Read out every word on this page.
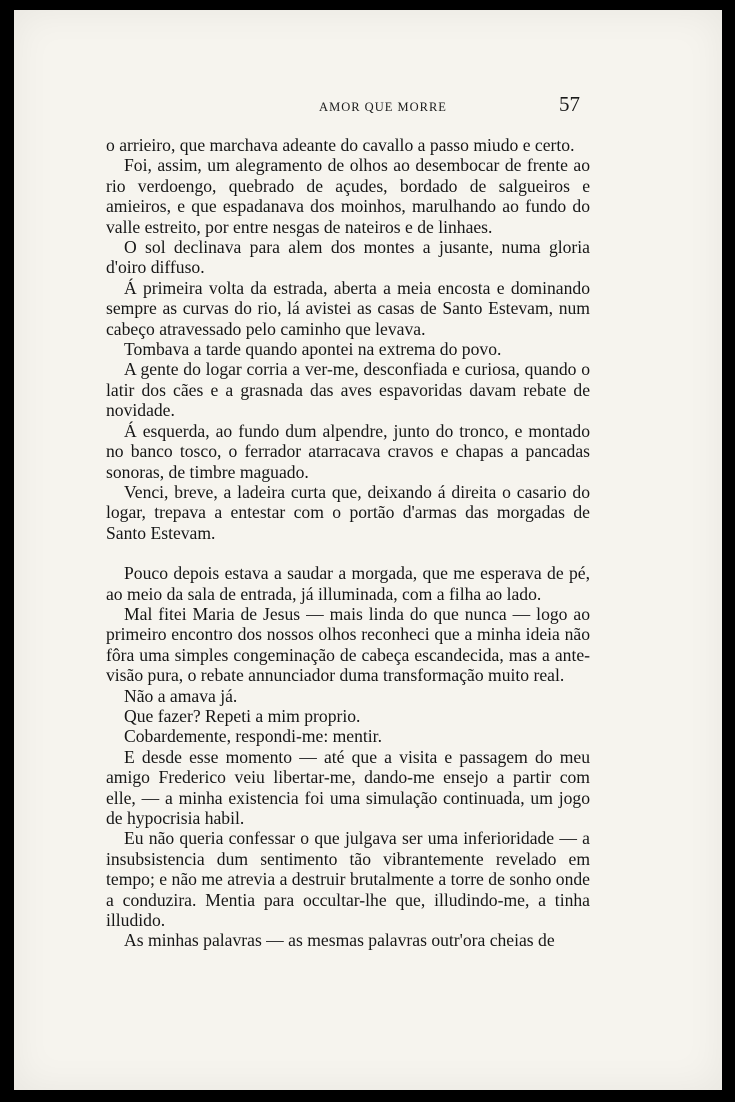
AMOR QUE MORRE	57

o arrieiro, que marchava adeante do cavallo a passo miudo e certo.

Foi, assim, um alegramento de olhos ao desembocar de frente ao rio verdoengo, quebrado de açudes, bordado de salgueiros e amieiros, e que espadanava dos moinhos, marulhando ao fundo do valle estreito, por entre nesgas de nateiros e de linhaes.

O sol declinava para alem dos montes a jusante, numa gloria d'oiro diffuso.

Á primeira volta da estrada, aberta a meia encosta e dominando sempre as curvas do rio, lá avistei as casas de Santo Estevam, num cabeço atravessado pelo caminho que levava.

Tombava a tarde quando apontei na extrema do povo.

A gente do logar corria a ver-me, desconfiada e curiosa, quando o latir dos cães e a grasnada das aves espavoridas davam rebate de novidade.

Á esquerda, ao fundo dum alpendre, junto do tronco, e montado no banco tosco, o ferrador atarracava cravos e chapas a pancadas sonoras, de timbre maguado.

Venci, breve, a ladeira curta que, deixando á direita o casario do logar, trepava a entestar com o portão d'armas das morgadas de Santo Estevam.

Pouco depois estava a saudar a morgada, que me esperava de pé, ao meio da sala de entrada, já illuminada, com a filha ao lado.

Mal fitei Maria de Jesus — mais linda do que nunca — logo ao primeiro encontro dos nossos olhos reconheci que a minha ideia não fôra uma simples congeminação de cabeça escandecida, mas a ante-visão pura, o rebate annunciador duma transformação muito real.

Não a amava já.

Que fazer? Repeti a mim proprio.

Cobardemente, respondi-me: mentir.

E desde esse momento — até que a visita e passagem do meu amigo Frederico veiu libertar-me, dando-me ensejo a partir com elle, — a minha existencia foi uma simulação continuada, um jogo de hypocrisia habil.

Eu não queria confessar o que julgava ser uma inferioridade — a insubsistencia dum sentimento tão vibrantemente revelado em tempo; e não me atrevia a destruir brutalmente a torre de sonho onde a conduzira. Mentia para occultar-lhe que, illudindo-me, a tinha illudido.

As minhas palavras — as mesmas palavras outr'ora cheias de
